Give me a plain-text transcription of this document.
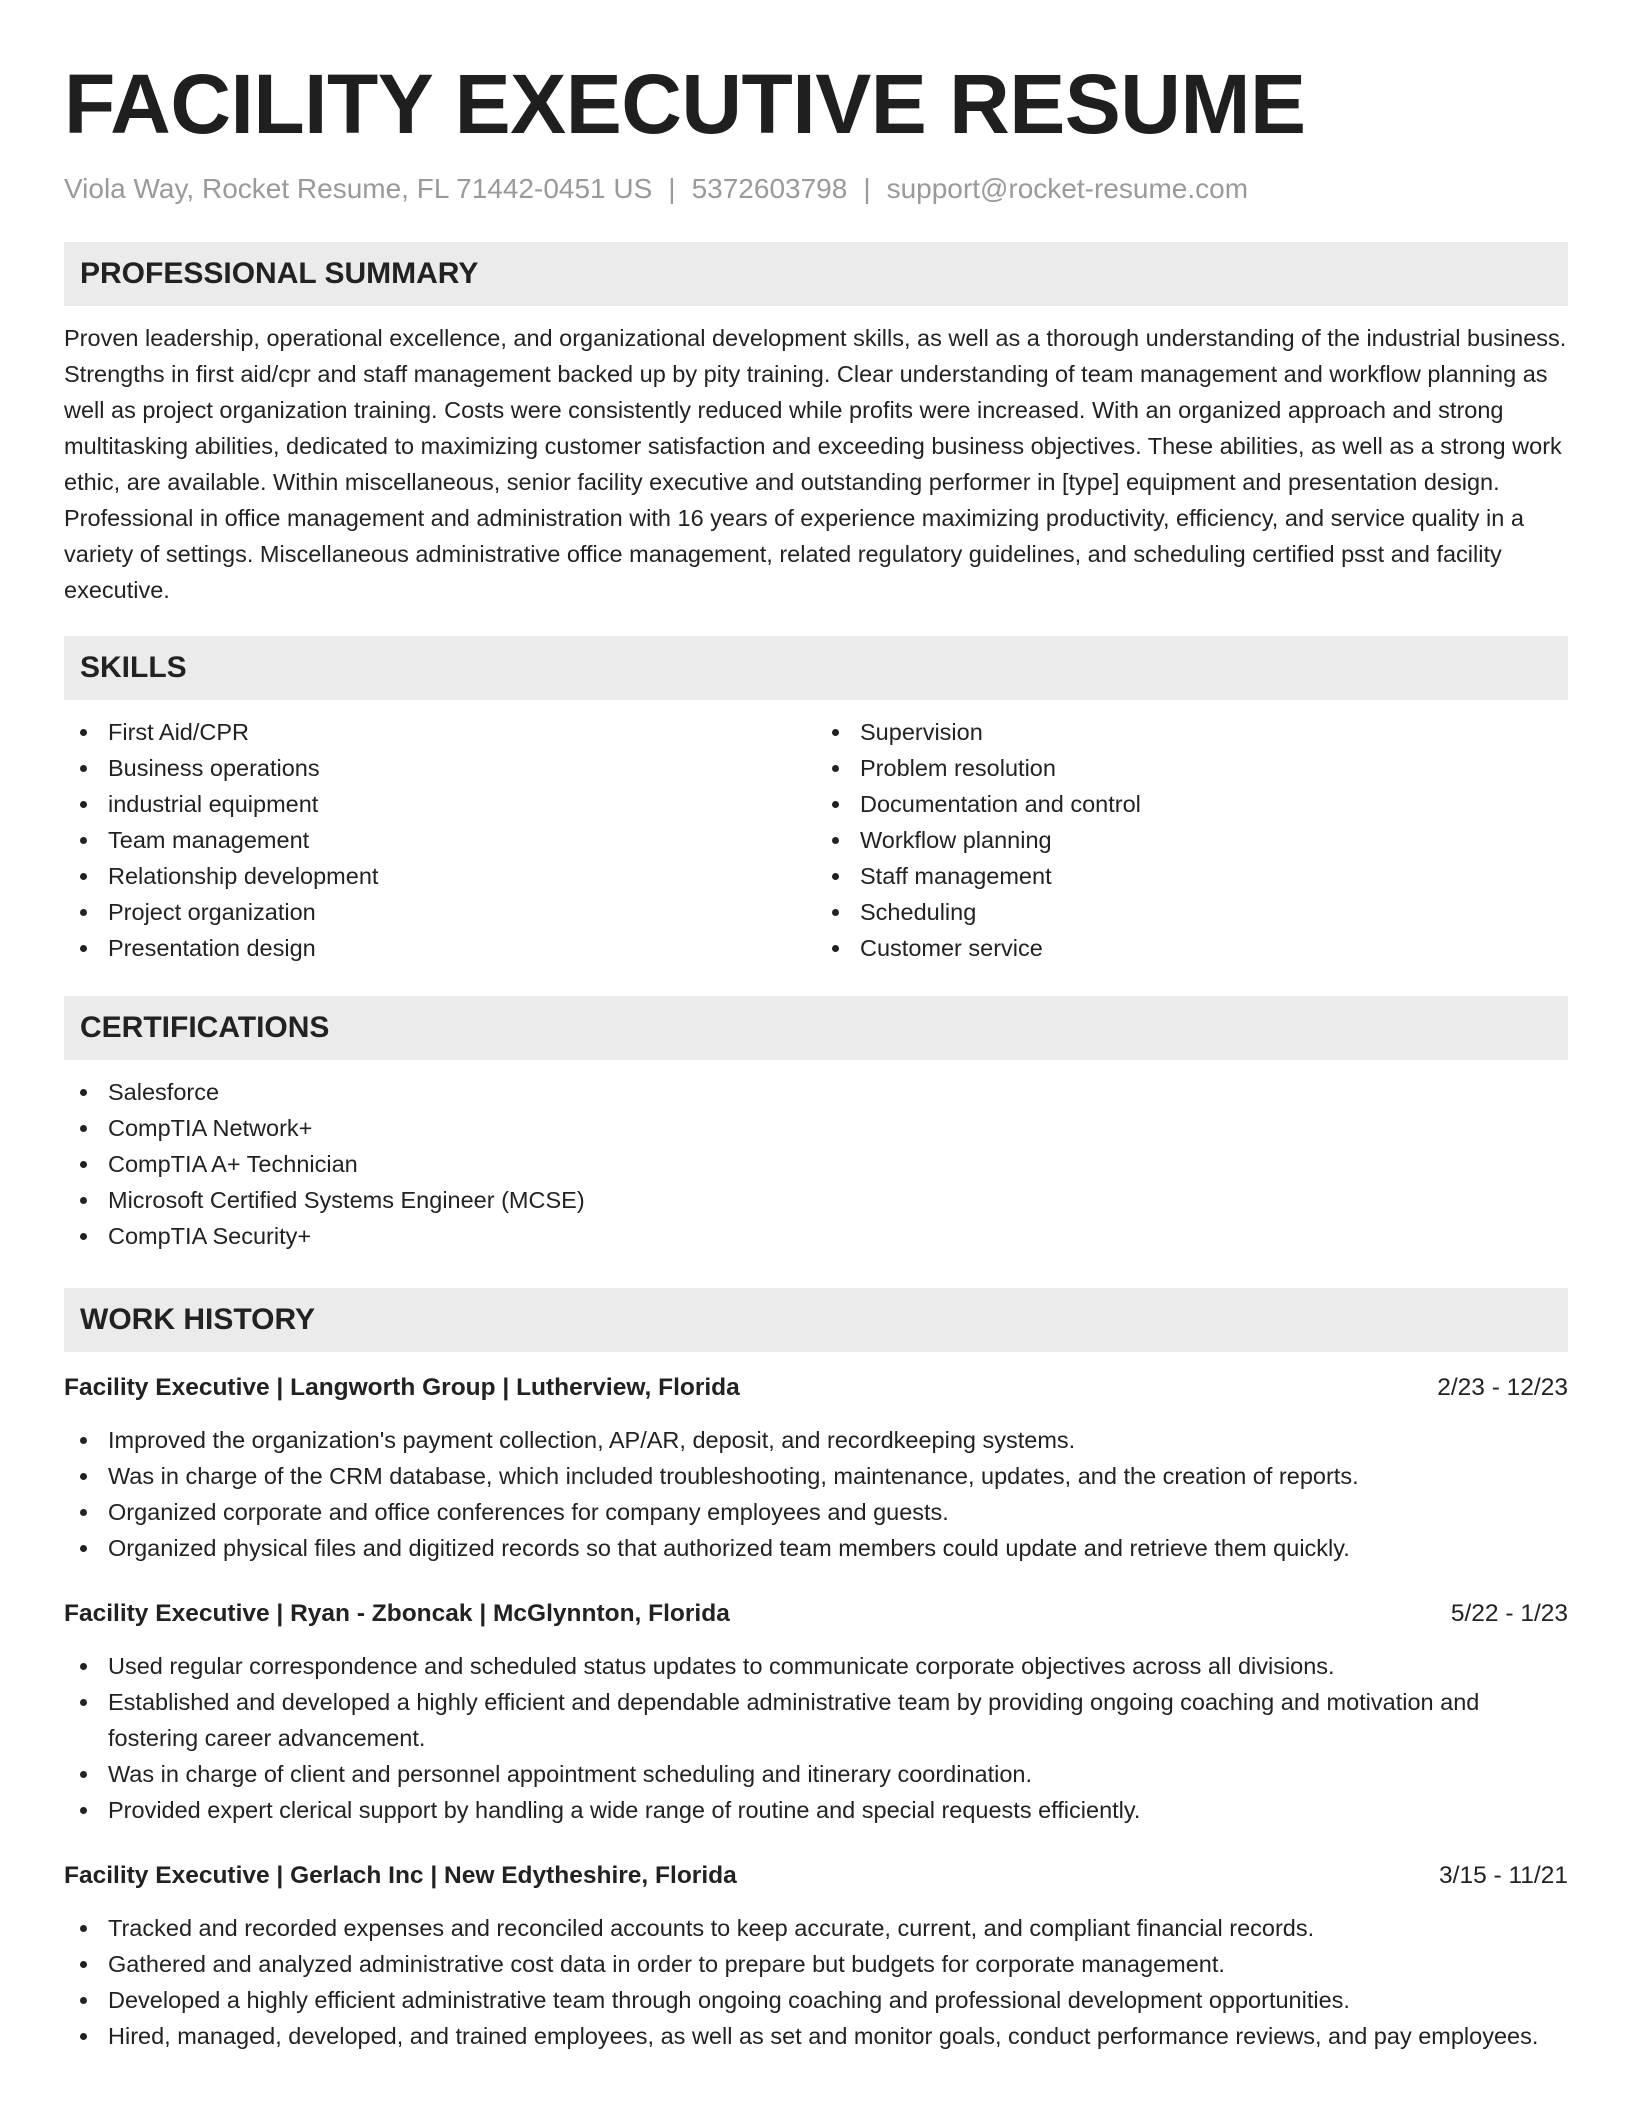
FACILITY EXECUTIVE RESUME
Viola Way, Rocket Resume, FL 71442-0451 US | 5372603798 | support@rocket-resume.com
PROFESSIONAL SUMMARY

Proven leadership, operational excellence, and organizational development skills, as well as a thorough understanding of the industrial business. Strengths in first aid/cpr and staff management backed up by pity training. Clear understanding of team management and workflow planning as well as project organization training. Costs were consistently reduced while profits were increased. With an organized approach and strong multitasking abilities, dedicated to maximizing customer satisfaction and exceeding business objectives. These abilities, as well as a strong work ethic, are available. Within miscellaneous, senior facility executive and outstanding performer in [type] equipment and presentation design. Professional in office management and administration with 16 years of experience maximizing productivity, efficiency, and service quality in a variety of settings. Miscellaneous administrative office management, related regulatory guidelines, and scheduling certified psst and facility executive.

SKILLS
First Aid/CPR
Business operations
industrial equipment
Team management
Relationship development
Project organization
Presentation design
Supervision
Problem resolution
Documentation and control
Workflow planning
Staff management
Scheduling
Customer service
CERTIFICATIONS
Salesforce
CompTIA Network+
CompTIA A+ Technician
Microsoft Certified Systems Engineer (MCSE)
CompTIA Security+
WORK HISTORY
Facility Executive | Langworth Group | Lutherview, Florida	2/23 - 12/23
Improved the organization's payment collection, AP/AR, deposit, and recordkeeping systems.
Was in charge of the CRM database, which included troubleshooting, maintenance, updates, and the creation of reports.
Organized corporate and office conferences for company employees and guests.
Organized physical files and digitized records so that authorized team members could update and retrieve them quickly.
Facility Executive | Ryan - Zboncak | McGlynnton, Florida	5/22 - 1/23
Used regular correspondence and scheduled status updates to communicate corporate objectives across all divisions.
Established and developed a highly efficient and dependable administrative team by providing ongoing coaching and motivation and fostering career advancement.
Was in charge of client and personnel appointment scheduling and itinerary coordination.
Provided expert clerical support by handling a wide range of routine and special requests efficiently.
Facility Executive | Gerlach Inc | New Edytheshire, Florida	3/15 - 11/21
Tracked and recorded expenses and reconciled accounts to keep accurate, current, and compliant financial records.
Gathered and analyzed administrative cost data in order to prepare but budgets for corporate management.
Developed a highly efficient administrative team through ongoing coaching and professional development opportunities.
Hired, managed, developed, and trained employees, as well as set and monitor goals, conduct performance reviews, and pay employees.
